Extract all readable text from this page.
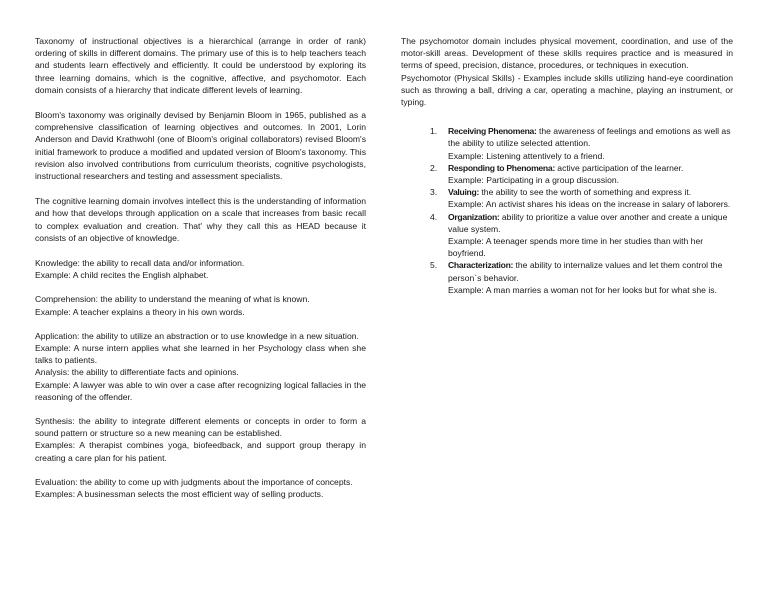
Taxonomy of instructional objectives is a hierarchical (arrange in order of rank) ordering of skills in different domains. The primary use of this is to help teachers teach and students learn effectively and efficiently. It could be understood by exploring its three learning domains, which is the cognitive, affective, and psychomotor. Each domain consists of a hierarchy that indicate different levels of learning.

Bloom's taxonomy was originally devised by Benjamin Bloom in 1965, published as a comprehensive classification of learning objectives and outcomes. In 2001, Lorin Anderson and David Krathwohl (one of Bloom's original collaborators) revised Bloom's initial framework to produce a modified and updated version of Bloom's taxonomy. This revision also involved contributions from curriculum theorists, cognitive psychologists, instructional researchers and testing and assessment specialists.

The cognitive learning domain involves intellect this is the understanding of information and how that develops through application on a scale that increases from basic recall to complex evaluation and creation. That' why they call this as HEAD because it consists of an objective of knowledge.

Knowledge: the ability to recall data and/or information.
Example: A child recites the English alphabet.

Comprehension: the ability to understand the meaning of what is known.
Example: A teacher explains a theory in his own words.

Application: the ability to utilize an abstraction or to use knowledge in a new situation.
Example: A nurse intern applies what she learned in her Psychology class when she talks to patients.
Analysis: the ability to differentiate facts and opinions.
Example: A lawyer was able to win over a case after recognizing logical fallacies in the reasoning of the offender.

Synthesis: the ability to integrate different elements or concepts in order to form a sound pattern or structure so a new meaning can be established.
Examples: A therapist combines yoga, biofeedback, and support group therapy in creating a care plan for his patient.

Evaluation: the ability to come up with judgments about the importance of concepts.
Examples: A businessman selects the most efficient way of selling products.

The psychomotor domain includes physical movement, coordination, and use of the motor-skill areas. Development of these skills requires practice and is measured in terms of speed, precision, distance, procedures, or techniques in execution.

Psychomotor (Physical Skills) - Examples include skills utilizing hand-eye coordination such as throwing a ball, driving a car, operating a machine, playing an instrument, or typing.

1. Receiving Phenomena: the awareness of feelings and emotions as well as the ability to utilize selected attention.
Example: Listening attentively to a friend.
2. Responding to Phenomena: active participation of the learner.
Example: Participating in a group discussion.
3. Valuing: the ability to see the worth of something and express it.
Example: An activist shares his ideas on the increase in salary of laborers.
4. Organization: ability to prioritize a value over another and create a unique value system.
Example: A teenager spends more time in her studies than with her boyfriend.
5. Characterization: the ability to internalize values and let them control the person`s behavior.
Example: A man marries a woman not for her looks but for what she is.
